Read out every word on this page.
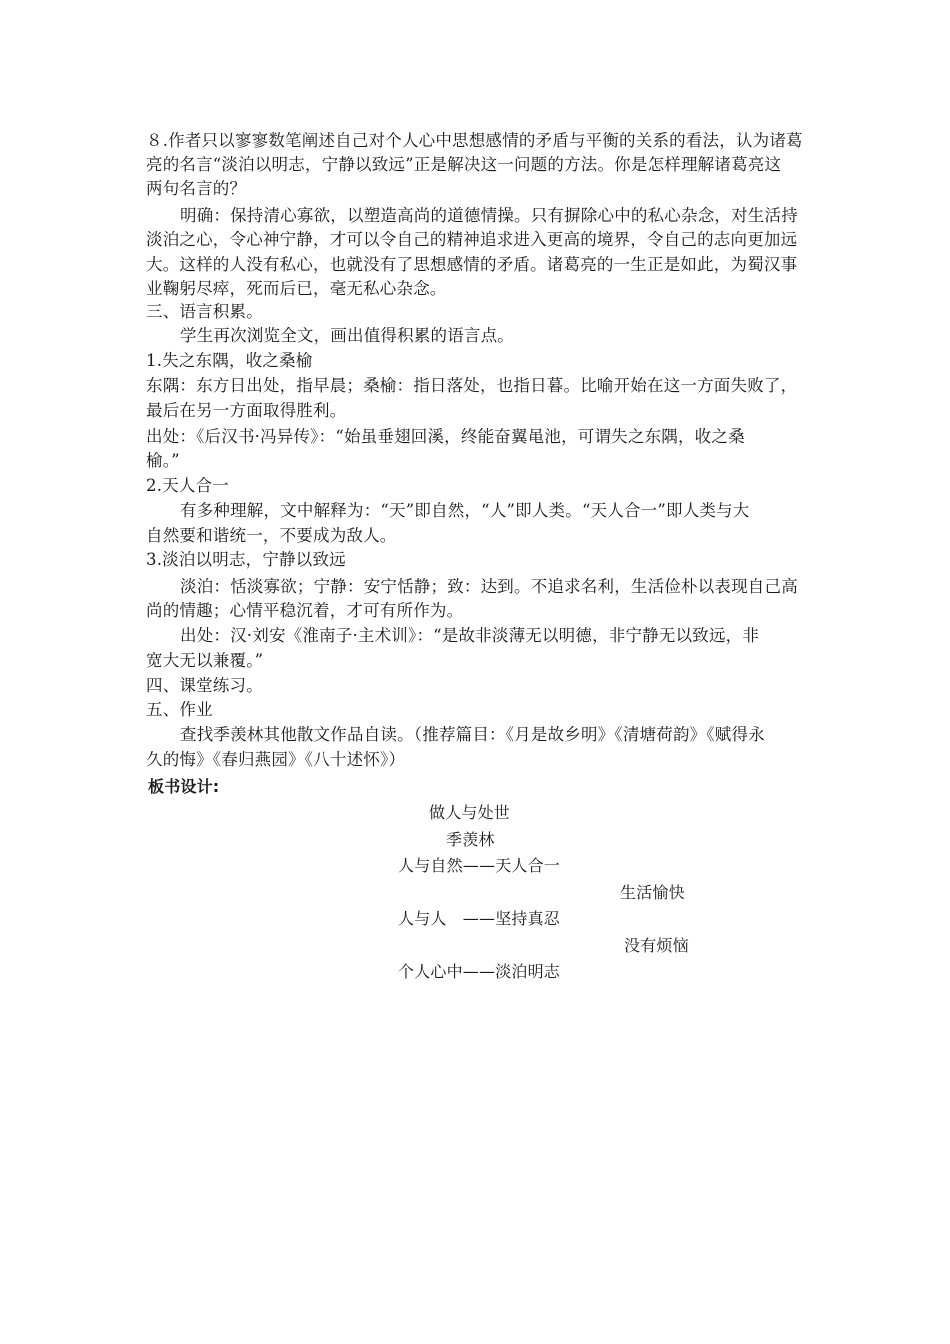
８.作者只以寥寥数笔阐述自己对个人心中思想感情的矛盾与平衡的关系的看法，认为诸葛
亮的名言“淡泊以明志，宁静以致远”正是解决这一问题的方法。你是怎样理解诸葛亮这
两句名言的？
明确：保持清心寡欲，以塑造高尚的道德情操。只有摒除心中的私心杂念，对生活持
淡泊之心，令心神宁静，才可以令自己的精神追求进入更高的境界，令自己的志向更加远
大。这样的人没有私心，也就没有了思想感情的矛盾。诸葛亮的一生正是如此，为蜀汉事
业鞠躬尽瘁，死而后已，毫无私心杂念。
三、语言积累。
学生再次浏览全文，画出值得积累的语言点。
1.失之东隅，收之桑榆
东隅：东方日出处，指早晨；桑榆：指日落处，也指日暮。比喻开始在这一方面失败了，
最后在另一方面取得胜利。
出处：《后汉书·冯异传》：“始虽垂翅回溪，终能奋翼黾池，可谓失之东隅，收之桑
榆。”
2.天人合一
有多种理解，文中解释为：“天”即自然，“人”即人类。“天人合一”即人类与大
自然要和谐统一，不要成为敌人。
3.淡泊以明志，宁静以致远
淡泊：恬淡寡欲；宁静：安宁恬静；致：达到。不追求名利，生活俭朴以表现自己高
尚的情趣；心情平稳沉着，才可有所作为。
出处：汉·刘安《淮南子·主术训》：“是故非淡薄无以明德，非宁静无以致远，非
宽大无以兼覆。”
四、课堂练习。
五、作业
查找季羡林其他散文作品自读。（推荐篇目：《月是故乡明》《清塘荷韵》《赋得永
久的悔》《春归燕园》《八十述怀》）
板书设计:
做人与处世
季羡林
人与自然——天人合一
生活愉快
人与人　——坚持真忍
没有烦恼
个人心中——淡泊明志
